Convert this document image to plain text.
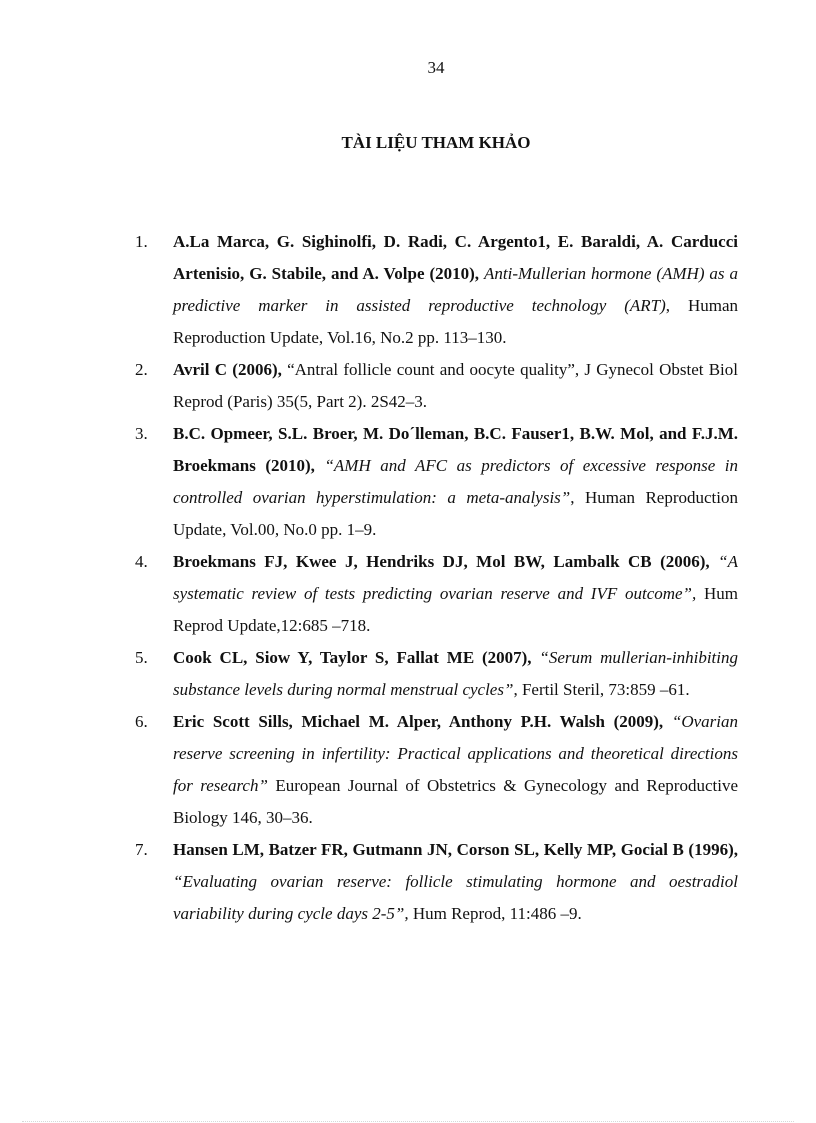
34
TÀI LIỆU THAM KHẢO
1. A.La Marca, G. Sighinolfi, D. Radi, C. Argento1, E. Baraldi, A. Carducci Artenisio, G. Stabile, and A. Volpe (2010), Anti-Mullerian hormone (AMH) as a predictive marker in assisted reproductive technology (ART), Human Reproduction Update, Vol.16, No.2 pp. 113–130.
2. Avril C (2006), “Antral follicle count and oocyte quality”, J Gynecol Obstet Biol Reprod (Paris) 35(5, Part 2). 2S42–3.
3. B.C. Opmeer, S.L. Broer, M. Do´lleman, B.C. Fauser1, B.W. Mol, and F.J.M. Broekmans (2010), “AMH and AFC as predictors of excessive response in controlled ovarian hyperstimulation: a meta-analysis”, Human Reproduction Update, Vol.00, No.0 pp. 1–9.
4. Broekmans FJ, Kwee J, Hendriks DJ, Mol BW, Lambalk CB (2006), “A systematic review of tests predicting ovarian reserve and IVF outcome”, Hum Reprod Update,12:685 –718.
5. Cook CL, Siow Y, Taylor S, Fallat ME (2007), “Serum mullerian-inhibiting substance levels during normal menstrual cycles”, Fertil Steril, 73:859 –61.
6. Eric Scott Sills, Michael M. Alper, Anthony P.H. Walsh (2009), “Ovarian reserve screening in infertility: Practical applications and theoretical directions for research” European Journal of Obstetrics & Gynecology and Reproductive Biology 146, 30–36.
7. Hansen LM, Batzer FR, Gutmann JN, Corson SL, Kelly MP, Gocial B (1996), “Evaluating ovarian reserve: follicle stimulating hormone and oestradiol variability during cycle days 2-5”, Hum Reprod, 11:486 –9.
